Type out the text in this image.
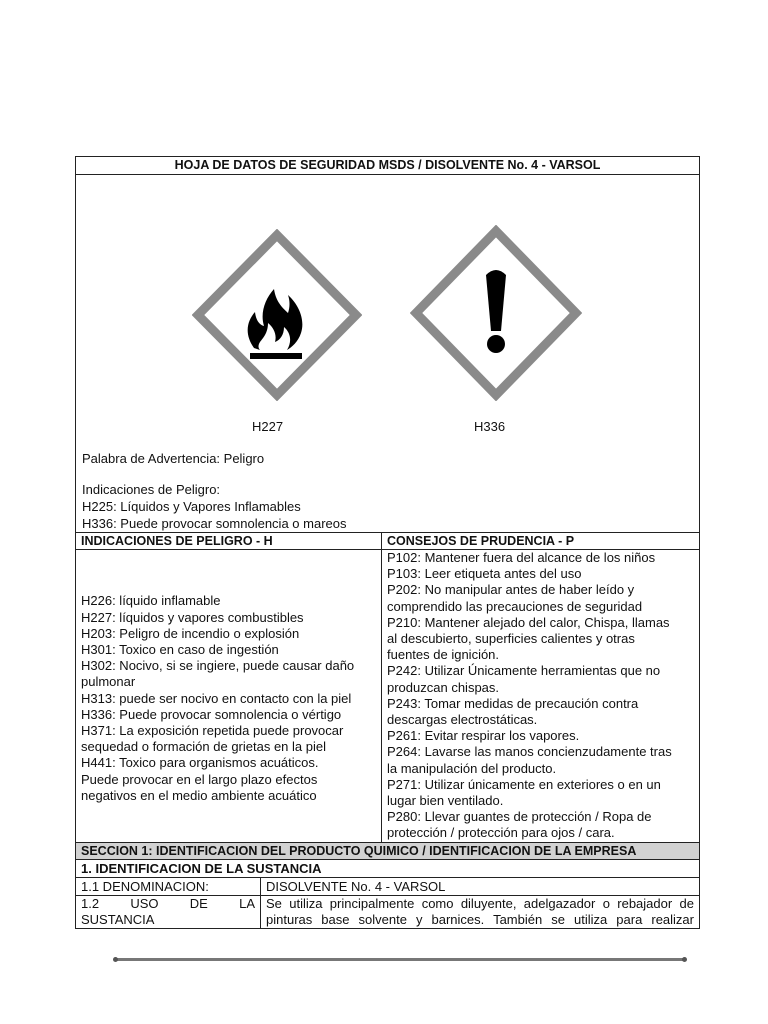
HOJA DE DATOS DE SEGURIDAD MSDS / DISOLVENTE No. 4 - VARSOL
H227	H336
Palabra de Advertencia: Peligro
Indicaciones de Peligro:
H225: Líquidos y Vapores Inflamables
H336: Puede provocar somnolencia o mareos
INDICACIONES DE PELIGRO - H
H226: líquido inflamable
H227: líquidos y vapores combustibles
H203: Peligro de incendio o explosión
H301: Toxico en caso de ingestión
H302: Nocivo, si se ingiere, puede causar daño
pulmonar
H313: puede ser nocivo en contacto con la piel
H336: Puede provocar somnolencia o vértigo
H371: La exposición repetida puede provocar
sequedad o formación de grietas en la piel
H441: Toxico para organismos acuáticos.
Puede provocar en el largo plazo efectos
negativos en el medio ambiente acuático
CONSEJOS DE PRUDENCIA - P
P102: Mantener fuera del alcance de los niños
P103: Leer etiqueta antes del uso
P202: No manipular antes de haber leído y
comprendido las precauciones de seguridad
P210: Mantener alejado del calor, Chispa, llamas
al descubierto, superficies calientes y otras
fuentes de ignición.
P242: Utilizar Únicamente herramientas que no
produzcan chispas.
P243: Tomar medidas de precaución contra
descargas electrostáticas.
P261: Evitar respirar los vapores.
P264: Lavarse las manos concienzudamente tras
la manipulación del producto.
P271: Utilizar únicamente en exteriores o en un
lugar bien ventilado.
P280: Llevar guantes de protección / Ropa de
protección / protección para ojos / cara.
SECCION 1: IDENTIFICACION DEL PRODUCTO QUIMICO / IDENTIFICACION DE LA EMPRESA
1. IDENTIFICACION DE LA SUSTANCIA
1.1 DENOMINACION:	DISOLVENTE No. 4 - VARSOL
1.2 USO DE LA
SUSTANCIA
Se utiliza principalmente como diluyente, adelgazador o rebajador de
pinturas base solvente y barnices. También se utiliza para realizar
